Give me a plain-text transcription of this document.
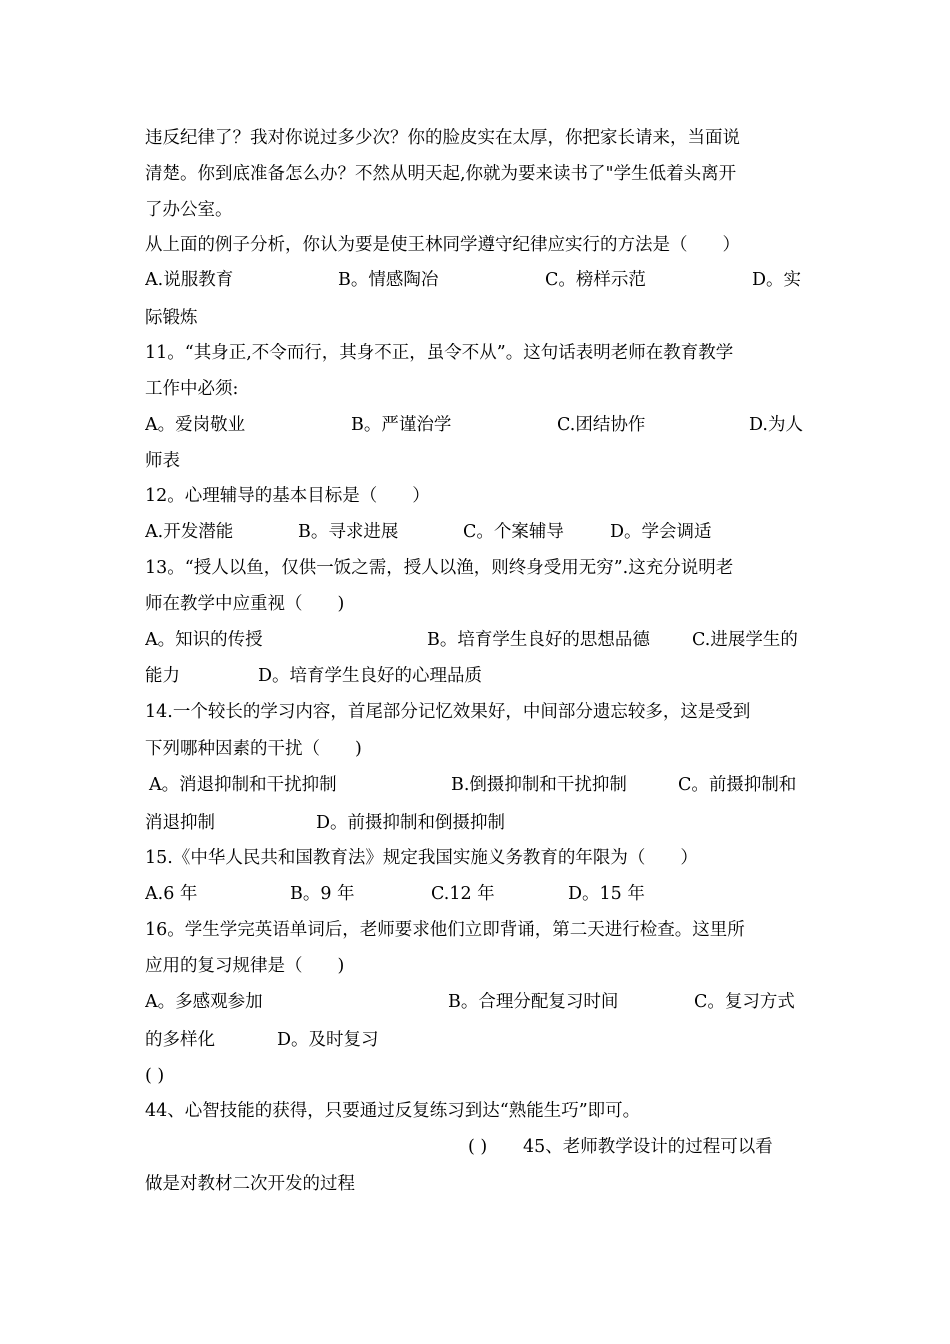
违反纪律了？我对你说过多少次？你的脸皮实在太厚，你把家长请来，当面说
清楚。你到底准备怎么办？不然从明天起,你就为要来读书了"学生低着头离开
了办公室。
从上面的例子分析，你认为要是使王林同学遵守纪律应实行的方法是（　　）
A.说服教育	B。情感陶冶	C。榜样示范	D。实
际锻炼
11。“其身正,不令而行，其身不正，虽令不从”。这句话表明老师在教育教学
工作中必须:
A。爱岗敬业	B。严谨治学	C.团结协作	D.为人
师表
12。心理辅导的基本目标是（　　）
A.开发潜能	B。寻求进展	C。个案辅导	D。学会调适
13。“授人以鱼，仅供一饭之需，授人以渔，则终身受用无穷”.这充分说明老
师在教学中应重视（　　)
A。知识的传授	B。培育学生良好的思想品德 C.进展学生的
能力	D。培育学生良好的心理品质
14.一个较长的学习内容，首尾部分记忆效果好，中间部分遗忘较多，这是受到
下列哪种因素的干扰（　　)
A。消退抑制和干扰抑制	B.倒摄抑制和干扰抑制	C。前摄抑制和
消退抑制	D。前摄抑制和倒摄抑制
15.《中华人民共和国教育法》规定我国实施义务教育的年限为（　　）
A.6 年	B。9 年	C.12 年	D。15 年
16。学生学完英语单词后，老师要求他们立即背诵，第二天进行检查。这里所
应用的复习规律是（　　)
A。多感观参加	B。合理分配复习时间	C。复习方式
的多样化	D。及时复习
( )
44、心智技能的获得，只要通过反复练习到达“熟能生巧”即可。
( ) 45、老师教学设计的过程可以看
做是对教材二次开发的过程
